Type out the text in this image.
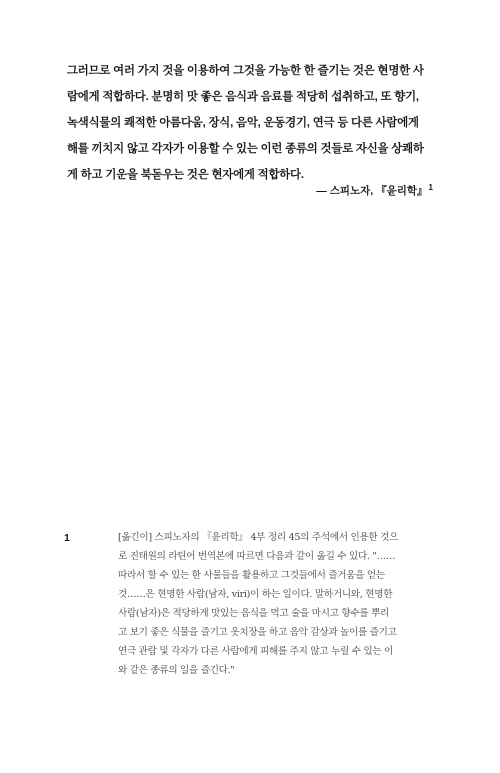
그러므로 여러 가지 것을 이용하여 그것을 가능한 한 즐기는 것은 현명한 사
람에게 적합하다. 분명히 맛 좋은 음식과 음료를 적당히 섭취하고, 또 향기,
녹색식물의 쾌적한 아름다움, 장식, 음악, 운동경기, 연극 등 다른 사람에게
해를 끼치지 않고 각자가 이용할 수 있는 이런 종류의 것들로 자신을 상쾌하
게 하고 기운을 북돋우는 것은 현자에게 적합하다.
— 스피노자, 『윤리학』$^1$
1	[옮긴이] 스피노자의 『윤리학』 4부 정리 45의 주석에서 인용한 것으
로 진태원의 라틴어 번역본에 따르면 다음과 같이 옮길 수 있다. "……
따라서 할 수 있는 한 사물들을 활용하고 그것들에서 즐거움을 얻는
것……은 현명한 사람(남자, viri)이 하는 일이다. 말하거니와, 현명한
사람(남자)은 적당하게 맛있는 음식을 먹고 술을 마시고 향수를 뿌리
고 보기 좋은 식물을 즐기고 옷치장을 하고 음악 감상과 놀이를 즐기고
연극 관람 및 각자가 다른 사람에게 피해를 주지 않고 누릴 수 있는 이
와 같은 종류의 일을 즐긴다."
